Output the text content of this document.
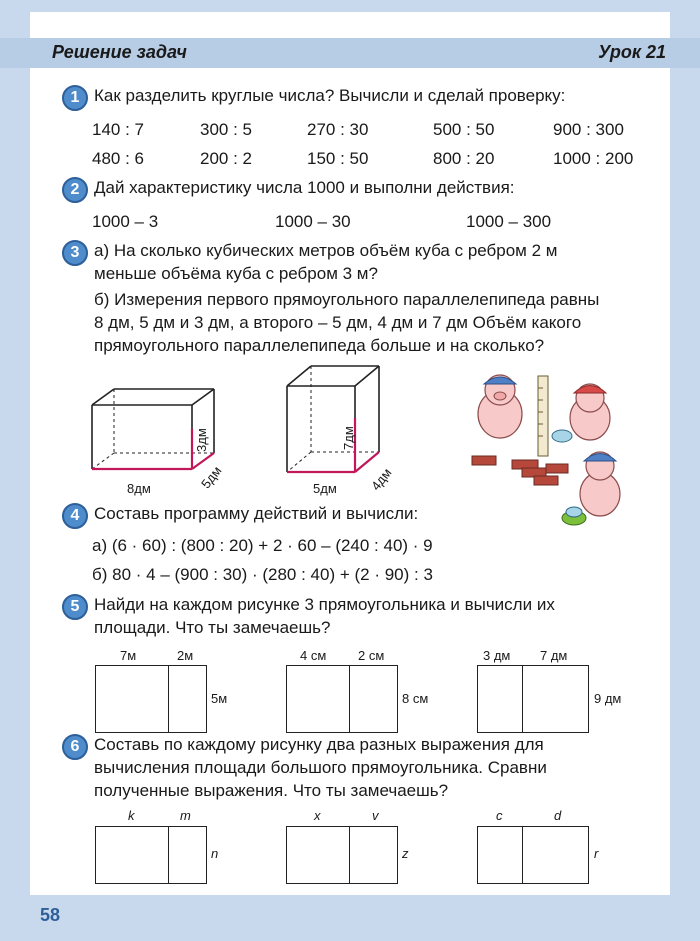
Решение задач	Урок 21
1 Как разделить круглые числа? Вычисли и сделай проверку:
140 : 7	300 : 5	270 : 30	500 : 50	900 : 300
480 : 6	200 : 2	150 : 50	800 : 20	1000 : 200
2 Дай характеристику числа 1000 и выполни действия:
1000 – 3	1000 – 30	1000 – 300
3 а) На сколько кубических метров объём куба с ребром 2 м
меньше объёма куба с ребром 3 м?
б) Измерения первого прямоугольного параллелепипеда равны
8 дм, 5 дм и 3 дм, а второго – 5 дм, 4 дм и 7 дм Объём какого
прямоугольного параллелепипеда больше и на сколько?
8дм
3дм
5дм	5дм
7дм
4дм
4 Составь программу действий и вычисли:
а) (6 · 60) : (800 : 20) + 2 · 60 – (240 : 40) · 9
б) 80 · 4 – (900 : 30) · (280 : 40) + (2 · 90) : 3
5 Найди на каждом рисунке 3 прямоугольника и вычисли их
площади. Что ты замечаешь?
7м	2м
5м
4 см 2 см
8 см
3 дм 7 дм
9 дм
6 Составь по каждому рисунку два разных выражения для
вычисления площади большого прямоугольника. Сравни
полученные выражения. Что ты замечаешь?
k	m
n
x	v
z
c	d
r
58
